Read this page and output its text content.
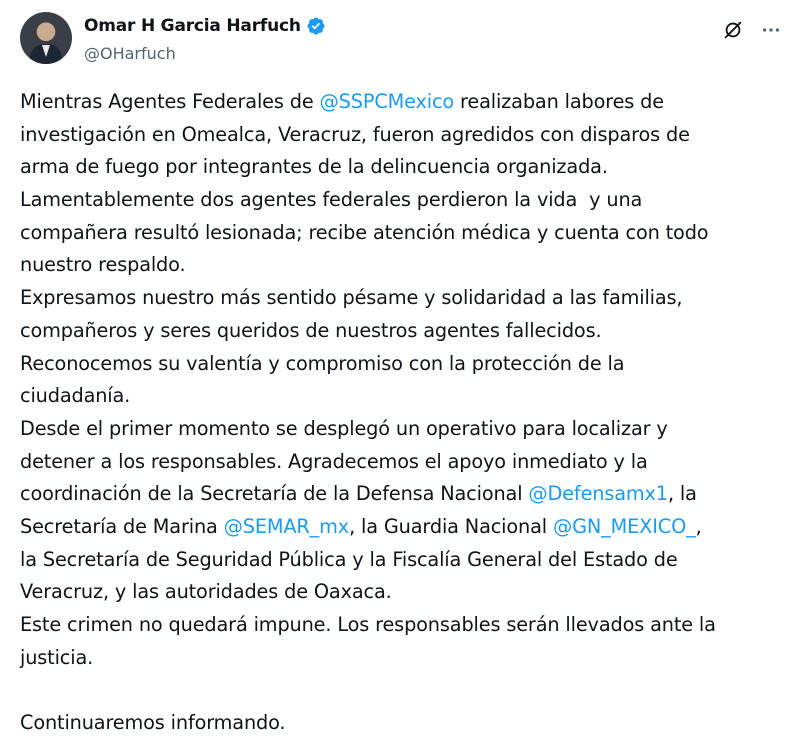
Omar H Garcia Harfuch
@OHarfuch
Mientras Agentes Federales de @SSPCMexico realizaban labores de
investigación en Omealca, Veracruz, fueron agredidos con disparos de
arma de fuego por integrantes de la delincuencia organizada.
Lamentablemente dos agentes federales perdieron la vida  y una
compañera resultó lesionada; recibe atención médica y cuenta con todo
nuestro respaldo.
Expresamos nuestro más sentido pésame y solidaridad a las familias,
compañeros y seres queridos de nuestros agentes fallecidos.
Reconocemos su valentía y compromiso con la protección de la
ciudadanía.
Desde el primer momento se desplegó un operativo para localizar y
detener a los responsables. Agradecemos el apoyo inmediato y la
coordinación de la Secretaría de la Defensa Nacional @Defensamx1, la
Secretaría de Marina @SEMAR_mx, la Guardia Nacional @GN_MEXICO_,
la Secretaría de Seguridad Pública y la Fiscalía General del Estado de
Veracruz, y las autoridades de Oaxaca.
Este crimen no quedará impune. Los responsables serán llevados ante la
justicia.
Continuaremos informando.
